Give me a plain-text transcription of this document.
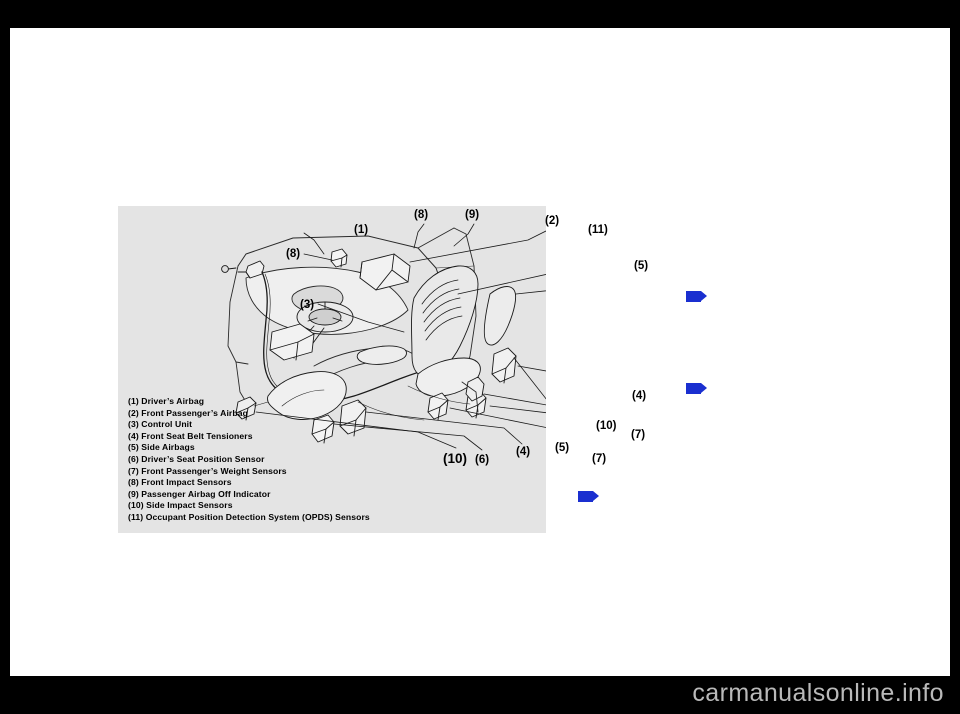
(8)	(9)	(2)
(11)
(1)
(8)
(5)
(3)
(4)
(10)
(7)
(5)
(7)
(4)
(6)
(10)
(1) Driver’s Airbag
(2) Front Passenger’s Airbag
(3) Control Unit
(4) Front Seat Belt Tensioners
(5) Side Airbags
(6) Driver’s Seat Position Sensor
(7) Front Passenger’s Weight Sensors
(8) Front Impact Sensors
(9) Passenger Airbag Off Indicator
(10) Side Impact Sensors
(11) Occupant Position Detection System (OPDS) Sensors
carmanualsonline.info
